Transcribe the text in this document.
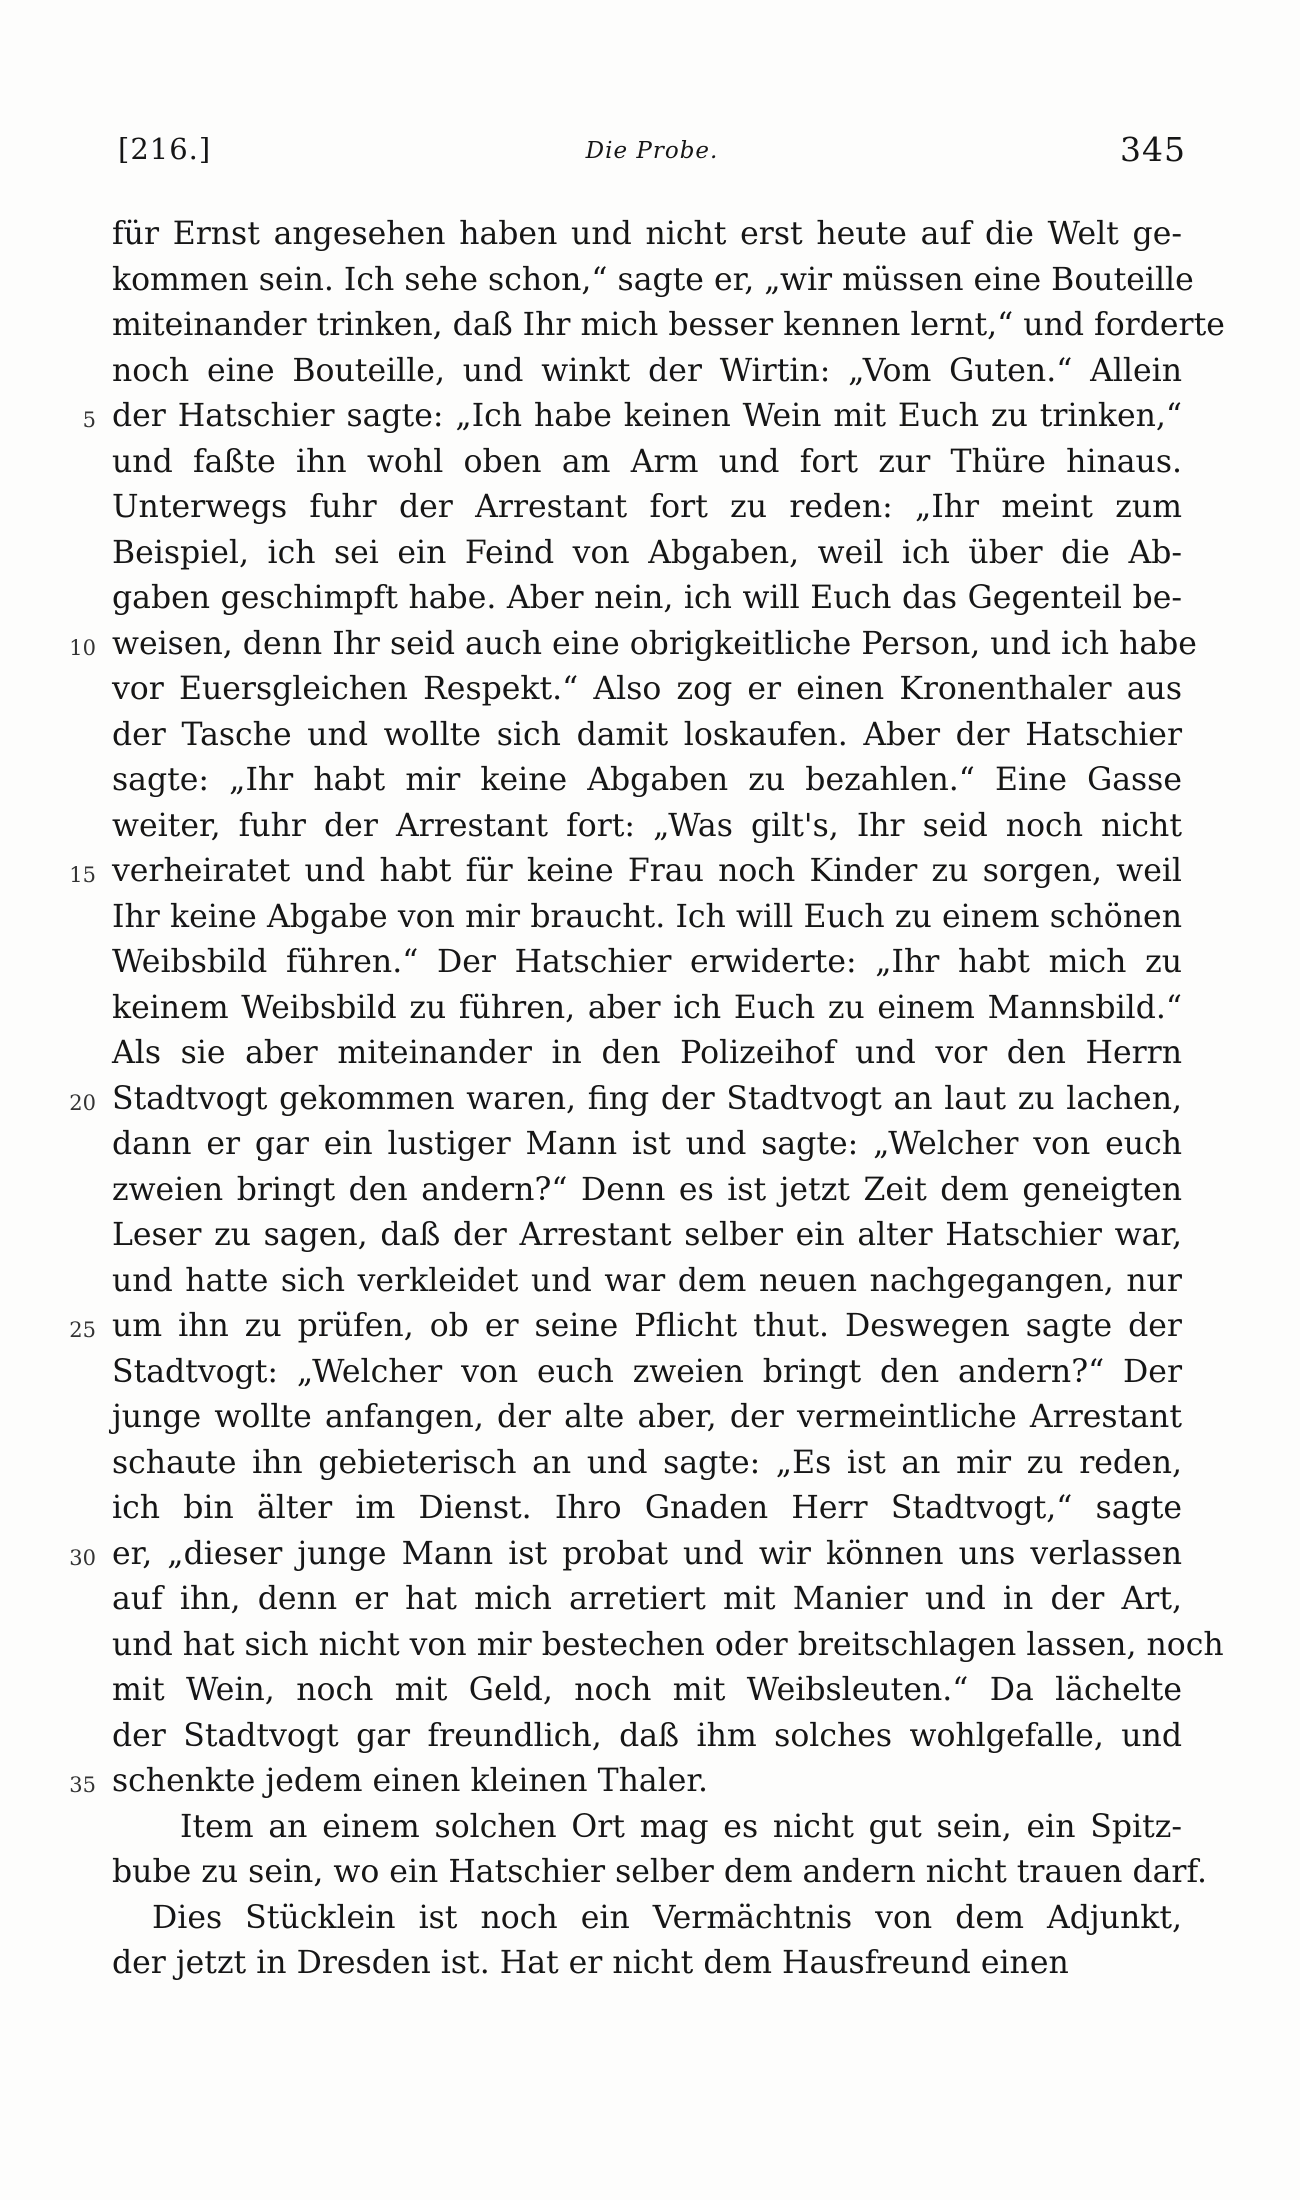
[216.]	Die Probe.	345
für Ernst angesehen haben und nicht erst heute auf die Welt ge-
kommen sein. Ich sehe schon,“ sagte er, „wir müssen eine Bouteille
miteinander trinken, daß Ihr mich besser kennen lernt,“ und forderte
noch eine Bouteille, und winkt der Wirtin: „Vom Guten.“ Allein
5 der Hatschier sagte: „Ich habe keinen Wein mit Euch zu trinken,“
und faßte ihn wohl oben am Arm und fort zur Thüre hinaus.
Unterwegs fuhr der Arrestant fort zu reden: „Ihr meint zum
Beispiel, ich sei ein Feind von Abgaben, weil ich über die Ab-
gaben geschimpft habe. Aber nein, ich will Euch das Gegenteil be-
10 weisen, denn Ihr seid auch eine obrigkeitliche Person, und ich habe
vor Euersgleichen Respekt.“ Also zog er einen Kronenthaler aus
der Tasche und wollte sich damit loskaufen. Aber der Hatschier
sagte: „Ihr habt mir keine Abgaben zu bezahlen.“ Eine Gasse
weiter, fuhr der Arrestant fort: „Was gilt's, Ihr seid noch nicht
15 verheiratet und habt für keine Frau noch Kinder zu sorgen, weil
Ihr keine Abgabe von mir braucht. Ich will Euch zu einem schönen
Weibsbild führen.“ Der Hatschier erwiderte: „Ihr habt mich zu
keinem Weibsbild zu führen, aber ich Euch zu einem Mannsbild.“
Als sie aber miteinander in den Polizeihof und vor den Herrn
20 Stadtvogt gekommen waren, fing der Stadtvogt an laut zu lachen,
dann er gar ein lustiger Mann ist und sagte: „Welcher von euch
zweien bringt den andern?“ Denn es ist jetzt Zeit dem geneigten
Leser zu sagen, daß der Arrestant selber ein alter Hatschier war,
und hatte sich verkleidet und war dem neuen nachgegangen, nur
25 um ihn zu prüfen, ob er seine Pflicht thut. Deswegen sagte der
Stadtvogt: „Welcher von euch zweien bringt den andern?“ Der
junge wollte anfangen, der alte aber, der vermeintliche Arrestant
schaute ihn gebieterisch an und sagte: „Es ist an mir zu reden,
ich bin älter im Dienst. Ihro Gnaden Herr Stadtvogt,“ sagte
30 er, „dieser junge Mann ist probat und wir können uns verlassen
auf ihn, denn er hat mich arretiert mit Manier und in der Art,
und hat sich nicht von mir bestechen oder breitschlagen lassen, noch
mit Wein, noch mit Geld, noch mit Weibsleuten.“ Da lächelte
der Stadtvogt gar freundlich, daß ihm solches wohlgefalle, und
35 schenkte jedem einen kleinen Thaler.
Item an einem solchen Ort mag es nicht gut sein, ein Spitz-
bube zu sein, wo ein Hatschier selber dem andern nicht trauen darf.
Dies Stücklein ist noch ein Vermächtnis von dem Adjunkt,
der jetzt in Dresden ist. Hat er nicht dem Hausfreund einen
